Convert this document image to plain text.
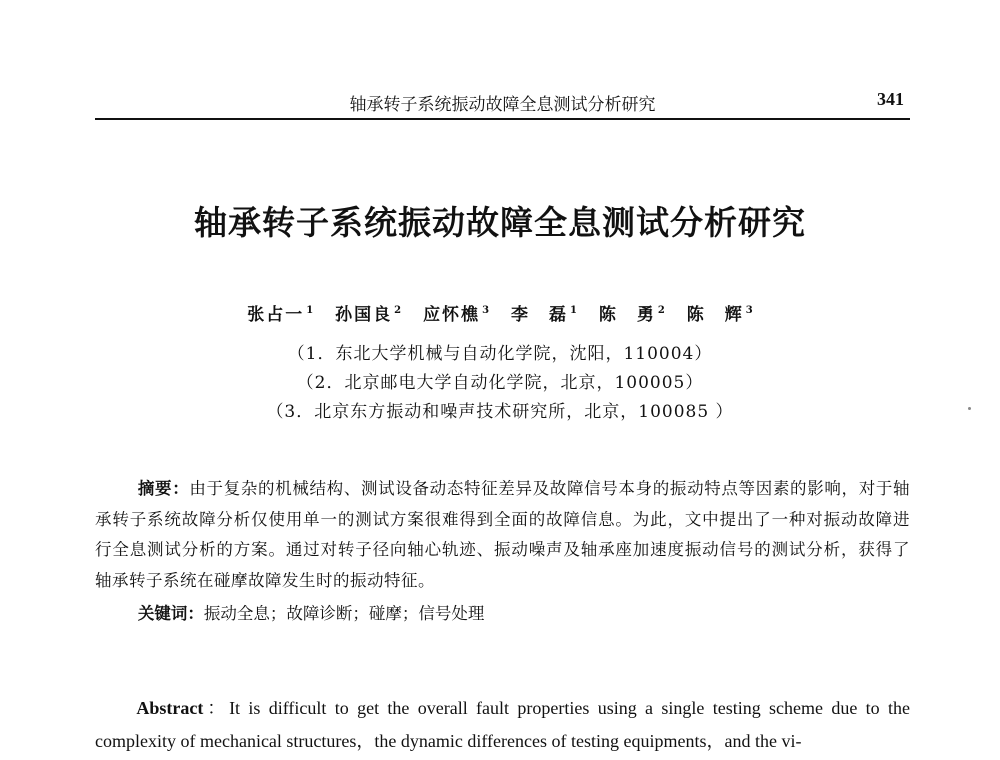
轴承转子系统振动故障全息测试分析研究	341
轴承转子系统振动故障全息测试分析研究
张占一 $^1$ 孙国良 $^2$ 应怀樵 $^3$ 李　磊 $^1$ 陈　勇 $^2$ 陈　辉 $^3$
（1．东北大学机械与自动化学院，沈阳，110004）
（2．北京邮电大学自动化学院，北京，100005）
（3．北京东方振动和噪声技术研究所，北京，100085 ）
摘要：由于复杂的机械结构、测试设备动态特征差异及故障信号本身的振动特点等因素的影响，对于轴承转子系统故障分析仅使用单一的测试方案很难得到全面的故障信息。为此，文中提出了一种对振动故障进行全息测试分析的方案。通过对转子径向轴心轨迹、振动噪声及轴承座加速度振动信号的测试分析，获得了轴承转子系统在碰摩故障发生时的振动特征。
关键词：振动全息；故障诊断；碰摩；信号处理
Abstract：It is difficult to get the overall fault properties using a single testing scheme due to the complexity of mechanical structures，the dynamic differences of testing equipments，and the vi-
